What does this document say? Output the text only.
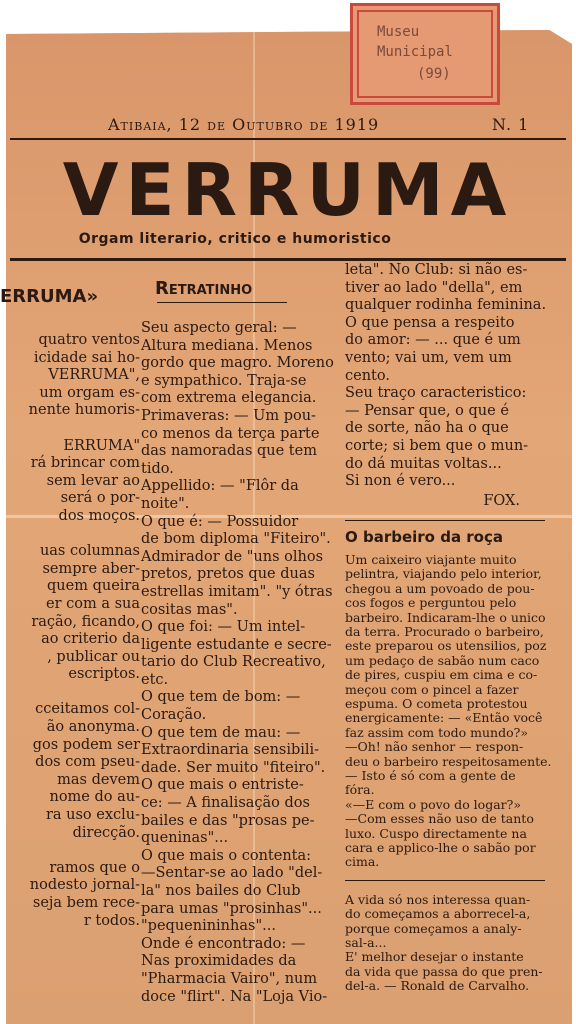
Museu
Municipal
(99)
Atibaia, 12 de Outubro de 1919	N. 1
VERRUMA
Orgam literario, critico e humoristico

ERRUMA»

quatro ventos

icidade sai ho-

VERRUMA",

um orgam es-

nente humoris-

ERRUMA"

rá brincar com

sem levar ao

será o por-

dos moços.

uas columnas

sempre aber-

quem queira

er com a sua

ração, ficando,

ao criterio da

, publicar ou

escriptos.

cceitamos col-

ão anonyma.

gos podem ser

dos com pseu-

mas devem

nome do au-

ra uso exclu-

direcção.

ramos que o

nodesto jornal-

seja bem rece-

r todos.

Retratinho

Seu aspecto geral: —

Altura mediana. Menos

gordo que magro. Moreno

e sympathico. Traja-se

com extrema elegancia.

Primaveras: — Um pou-

co menos da terça parte

das namoradas que tem

tido.

Appellido: — "Flôr da

noite".

O que é: — Possuidor

de bom diploma "Fiteiro".

Admirador de "uns olhos

pretos, pretos que duas

estrellas imitam". "y ótras

cositas mas".

O que foi: — Um intel-

ligente estudante e secre-

tario do Club Recreativo,

etc.

O que tem de bom: —

Coração.

O que tem de mau: —

Extraordinaria sensibili-

dade. Ser muito "fiteiro".

O que mais o entriste-

ce: — A finalisação dos

bailes e das "prosas pe-

queninas"...

O que mais o contenta:

—Sentar-se ao lado "del-

la" nos bailes do Club

para umas "prosinhas"...

"pequenininhas"...

Onde é encontrado: —

Nas proximidades da

"Pharmacia Vairo", num

doce "flirt". Na "Loja Vio-

leta". No Club: si não es-

tiver ao lado "della", em

qualquer rodinha feminina.

O que pensa a respeito

do amor: — ... que é um

vento; vai um, vem um

cento.

Seu traço caracteristico:

— Pensar que, o que é

de sorte, não ha o que

corte; si bem que o mun-

do dá muitas voltas...

Si non é vero...

FOX.

O barbeiro da roça

Um caixeiro viajante muito

pelintra, viajando pelo interior,

chegou a um povoado de pou-

cos fogos e perguntou pelo

barbeiro. Indicaram-lhe o unico

da terra. Procurado o barbeiro,

este preparou os utensilios, poz

um pedaço de sabão num caco

de pires, cuspiu em cima e co-

meçou com o pincel a fazer

espuma. O cometa protestou

energicamente: — «Então você

faz assim com todo mundo?»

—Oh! não senhor — respon-

deu o barbeiro respeitosamente.

— Isto é só com a gente de

fóra.

«—E com o povo do logar?»

—Com esses não uso de tanto

luxo. Cuspo directamente na

cara e applico-lhe o sabão por

cima.

A vida só nos interessa quan-

do começamos a aborrecel-a,

porque começamos a analy-

sal-a...

E' melhor desejar o instante

da vida que passa do que pren-

del-a. — Ronald de Carvalho.
